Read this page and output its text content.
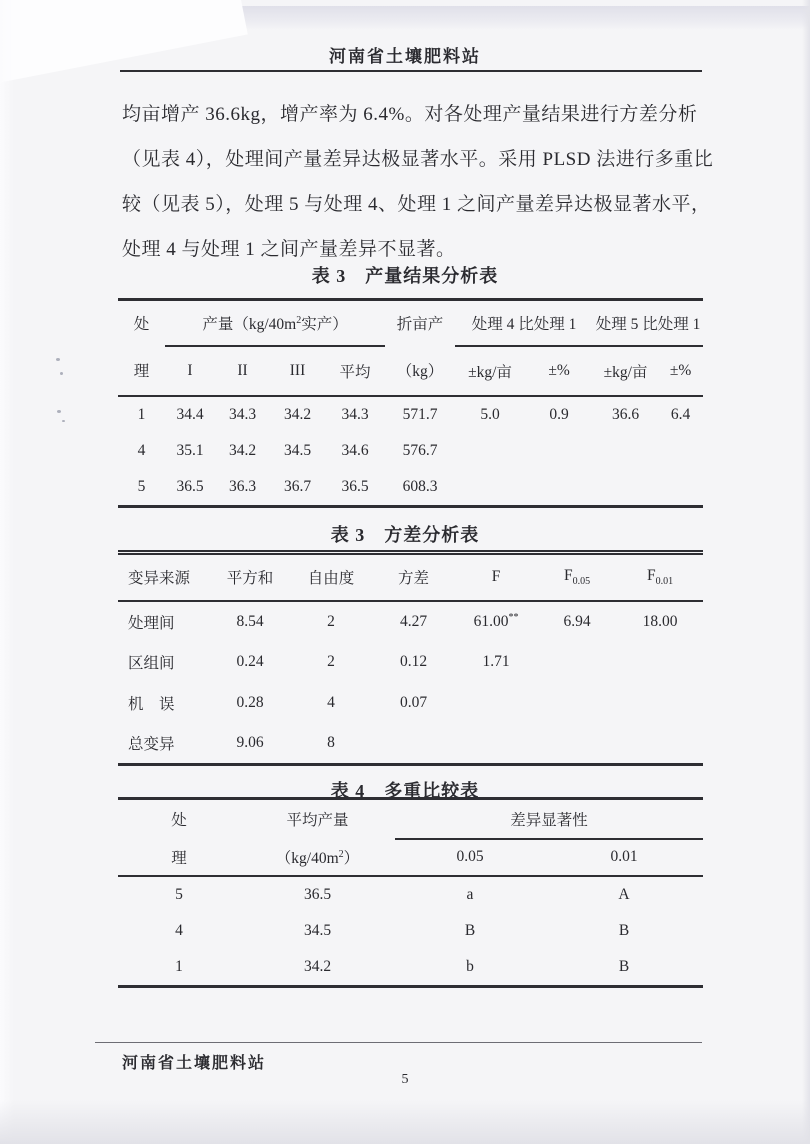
河南省土壤肥料站
均亩增产 36.6kg，增产率为 6.4%。对各处理产量结果进行方差分析
（见表 4），处理间产量差异达极显著水平。采用 PLSD 法进行多重比
较（见表 5），处理 5 与处理 4、处理 1 之间产量差异达极显著水平，
处理 4 与处理 1 之间产量差异不显著。
表 3　产量结果分析表
处	产量（$kg/40m^2$实产）				折亩产	处理 4 比处理 1		处理 5 比处理 1	
理	I	II	III	平均	（kg）	±kg/亩	±%	±kg/亩	±%
1	34.4	34.3	34.2	34.3	571.7	5.0	0.9	36.6	6.4
4	35.1	34.2	34.5	34.6	576.7				
5	36.5	36.3	36.7	36.5	608.3				
表 3　方差分析表
变异来源	平方和	自由度	方差	F	$F_{0.05}$	$F_{0.01}$
处理间	8.54	2	4.27	61.00**	6.94	18.00
区组间	0.24	2	0.12	1.71		
机　误	0.28	4	0.07			
总变异	9.06	8				
表 4　多重比较表
处	平均产量	差异显著性	
理	$(kg/40m^2)$	0.05	0.01
5	36.5	a	A
4	34.5	B	B
1	34.2	b	B
河南省土壤肥料站
5
